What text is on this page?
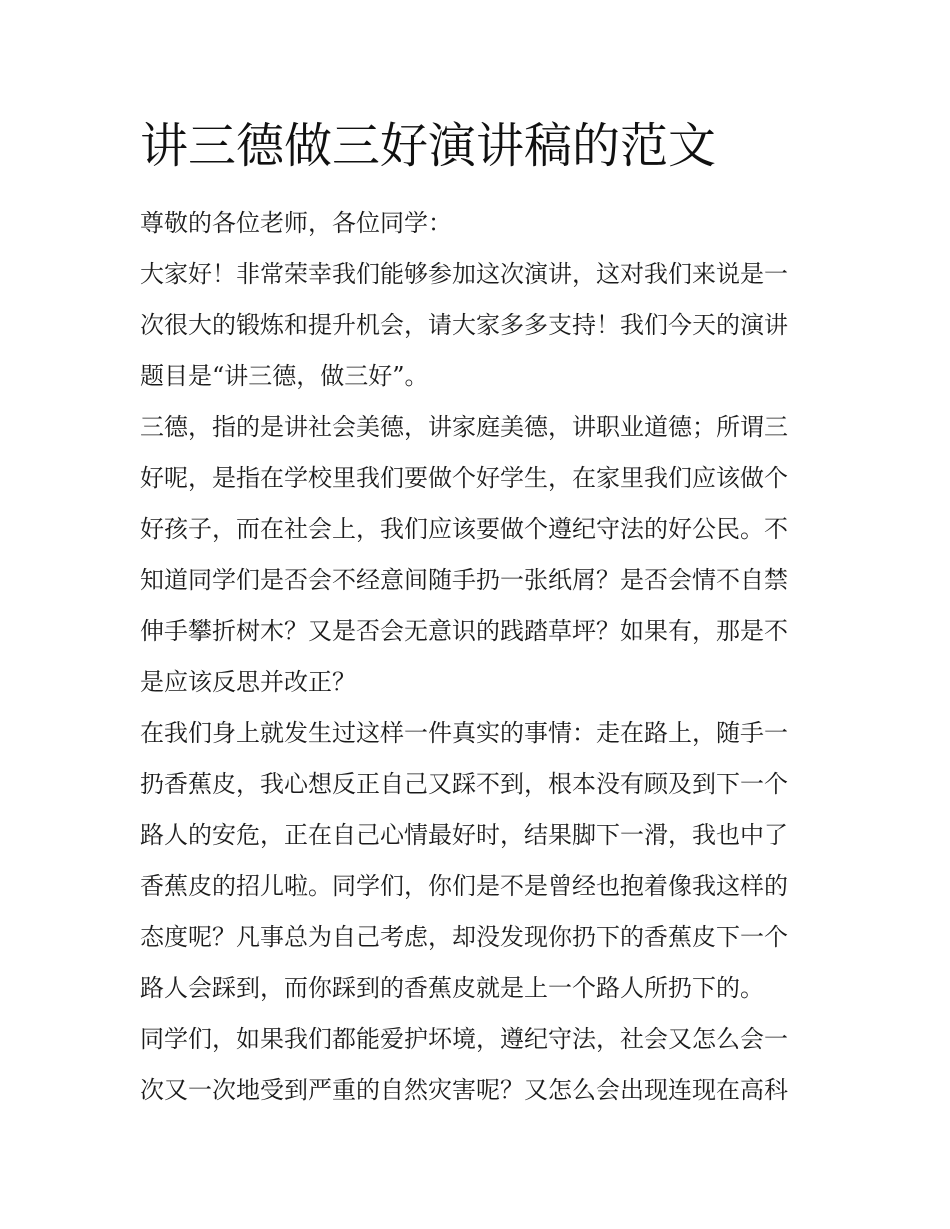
讲三德做三好演讲稿的范文

尊敬的各位老师，各位同学：

大家好！非常荣幸我们能够参加这次演讲，这对我们来说是一

次很大的锻炼和提升机会，请大家多多支持！我们今天的演讲

题目是“讲三德，做三好”。

三德，指的是讲社会美德，讲家庭美德，讲职业道德；所谓三

好呢，是指在学校里我们要做个好学生，在家里我们应该做个

好孩子，而在社会上，我们应该要做个遵纪守法的好公民。不

知道同学们是否会不经意间随手扔一张纸屑？是否会情不自禁

伸手攀折树木？又是否会无意识的践踏草坪？如果有，那是不

是应该反思并改正？

在我们身上就发生过这样一件真实的事情：走在路上，随手一

扔香蕉皮，我心想反正自己又踩不到，根本没有顾及到下一个

路人的安危，正在自己心情最好时，结果脚下一滑，我也中了

香蕉皮的招儿啦。同学们，你们是不是曾经也抱着像我这样的

态度呢？凡事总为自己考虑，却没发现你扔下的香蕉皮下一个

路人会踩到，而你踩到的香蕉皮就是上一个路人所扔下的。

同学们，如果我们都能爱护坏境，遵纪守法，社会又怎么会一

次又一次地受到严重的自然灾害呢？又怎么会出现连现在高科
